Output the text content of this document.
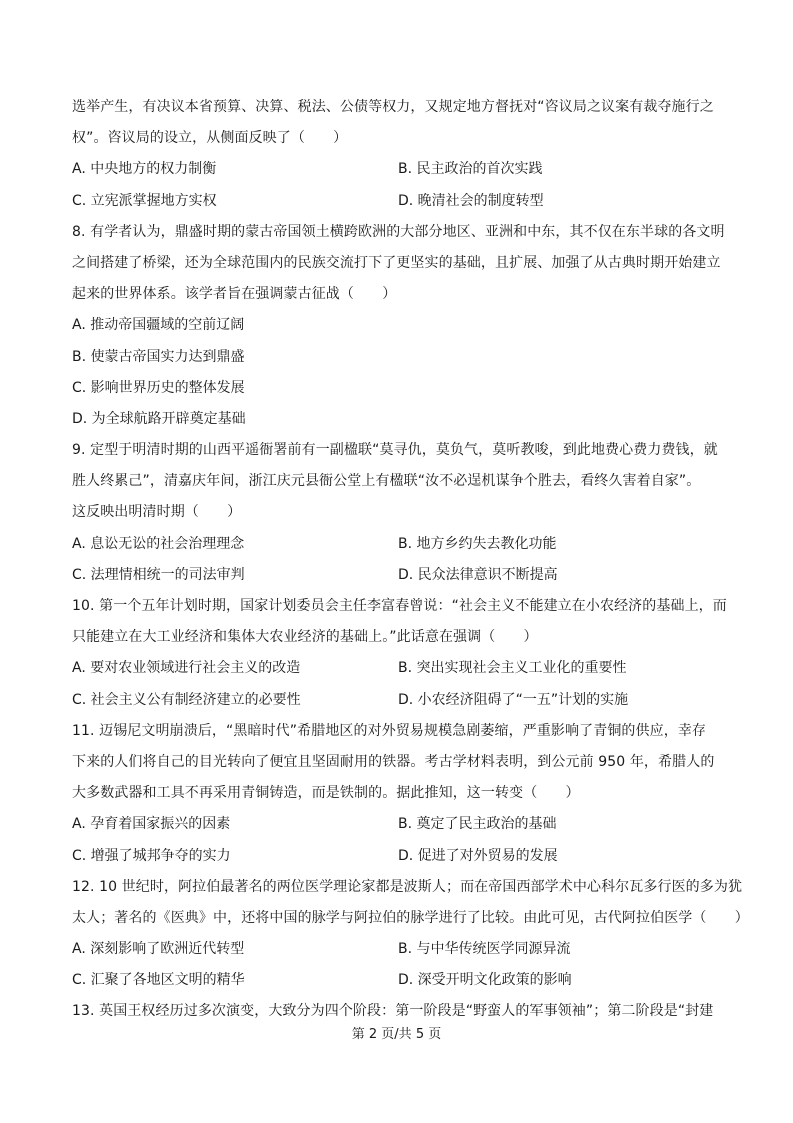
选举产生，有决议本省预算、决算、税法、公债等权力，又规定地方督抚对“咨议局之议案有裁夺施行之
权”。咨议局的设立，从侧面反映了（　　）
A. 中央地方的权力制衡	B. 民主政治的首次实践
C. 立宪派掌握地方实权	D. 晚清社会的制度转型
8. 有学者认为，鼎盛时期的蒙古帝国领土横跨欧洲的大部分地区、亚洲和中东，其不仅在东半球的各文明
之间搭建了桥梁，还为全球范围内的民族交流打下了更坚实的基础，且扩展、加强了从古典时期开始建立
起来的世界体系。该学者旨在强调蒙古征战（　　）
A. 推动帝国疆域的空前辽阔
B. 使蒙古帝国实力达到鼎盛
C. 影响世界历史的整体发展
D. 为全球航路开辟奠定基础
9. 定型于明清时期的山西平遥衙署前有一副楹联“莫寻仇，莫负气，莫听教唆，到此地费心费力费钱，就
胜人终累己”，清嘉庆年间，浙江庆元县衙公堂上有楹联“汝不必逞机谋争个胜去，看终久害着自家”。
这反映出明清时期（　　）
A. 息讼无讼的社会治理理念	B. 地方乡约失去教化功能
C. 法理情相统一的司法审判	D. 民众法律意识不断提高
10. 第一个五年计划时期，国家计划委员会主任李富春曾说：“社会主义不能建立在小农经济的基础上，而
只能建立在大工业经济和集体大农业经济的基础上。”此话意在强调（　　）
A. 要对农业领域进行社会主义的改造	B. 突出实现社会主义工业化的重要性
C. 社会主义公有制经济建立的必要性	D. 小农经济阻碍了“一五”计划的实施
11. 迈锡尼文明崩溃后，“黑暗时代”希腊地区的对外贸易规模急剧萎缩，严重影响了青铜的供应，幸存
下来的人们将自己的目光转向了便宜且坚固耐用的铁器。考古学材料表明，到公元前 950 年，希腊人的
大多数武器和工具不再采用青铜铸造，而是铁制的。据此推知，这一转变（　　）
A. 孕育着国家振兴的因素	B. 奠定了民主政治的基础
C. 增强了城邦争夺的实力	D. 促进了对外贸易的发展
12. 10 世纪时，阿拉伯最著名的两位医学理论家都是波斯人；而在帝国西部学术中心科尔瓦多行医的多为犹
太人；著名的《医典》中，还将中国的脉学与阿拉伯的脉学进行了比较。由此可见，古代阿拉伯医学（　　）
A. 深刻影响了欧洲近代转型	B. 与中华传统医学同源异流
C. 汇聚了各地区文明的精华	D. 深受开明文化政策的影响
13. 英国王权经历过多次演变，大致分为四个阶段：第一阶段是“野蛮人的军事领袖”；第二阶段是“封建
第 2 页/共 5 页
